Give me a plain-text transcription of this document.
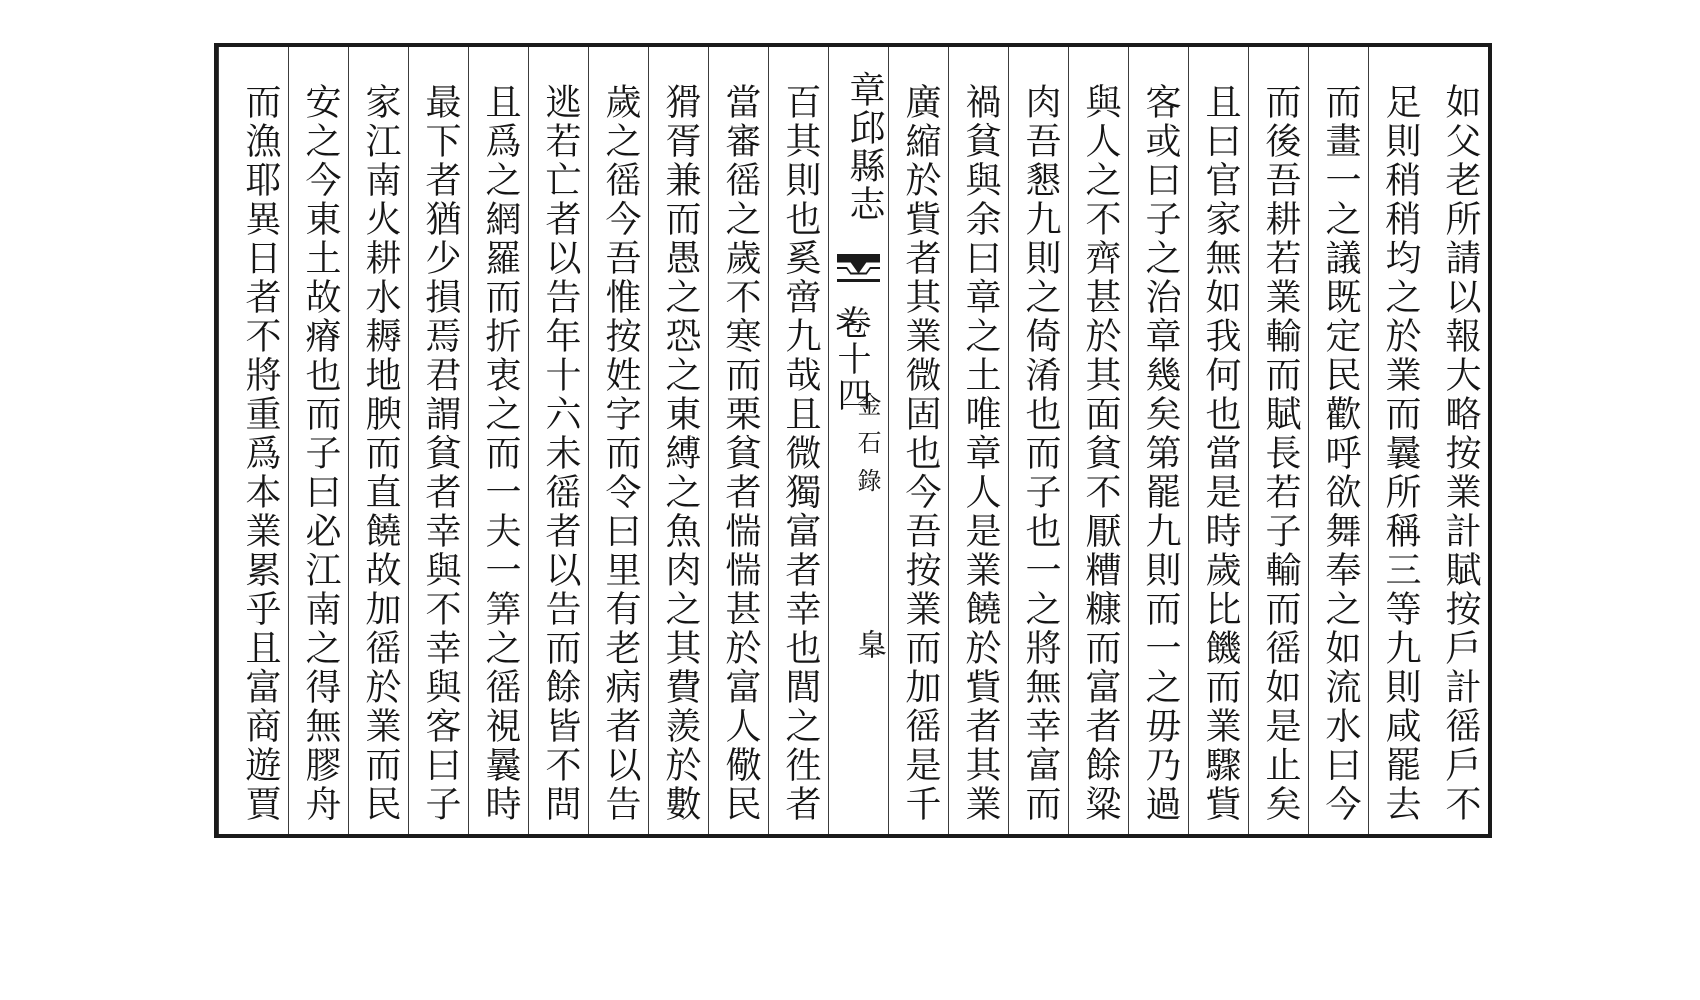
如父老所請以報大略按業計賦按戶計徭戶不
足則稍稍均之於業而曩所稱三等九則咸罷去
而畫一之議既定民歡呼欲舞奉之如流水曰今
而後吾耕若業輸而賦長若子輸而徭如是止矣
且曰官家無如我何也當是時歲比饑而業驟貲
客或曰子之治章幾矣第罷九則而一之毋乃過
與人之不齊甚於其面貧不厭糟糠而富者餘粱
肉吾懇九則之倚淆也而子也一之將無幸富而
禍貧與余曰章之土唯章人是業饒於貲者其業
廣縮於貲者其業微固也今吾按業而加徭是千
章邱縣志
卷十四
金石錄
𦤎
百其則也奚啻九哉且微獨富者幸也閭之徃者
當審徭之歲不寒而栗貧者惴惴甚於富人儆民
猾胥兼而愚之恐之東縛之魚肉之其費羨於數
歲之徭今吾惟按姓字而令曰里有老病者以告
逃若亡者以告年十六未徭者以告而餘皆不問
且爲之網羅而折衷之而一夫一筭之徭視曩時
最下者猶少損焉君謂貧者幸與不幸與客曰子
家江南火耕水耨地腴而直饒故加徭於業而民
安之今東土故瘠也而子曰必江南之得無膠舟
而漁耶異日者不將重爲本業累乎且富商遊賈
